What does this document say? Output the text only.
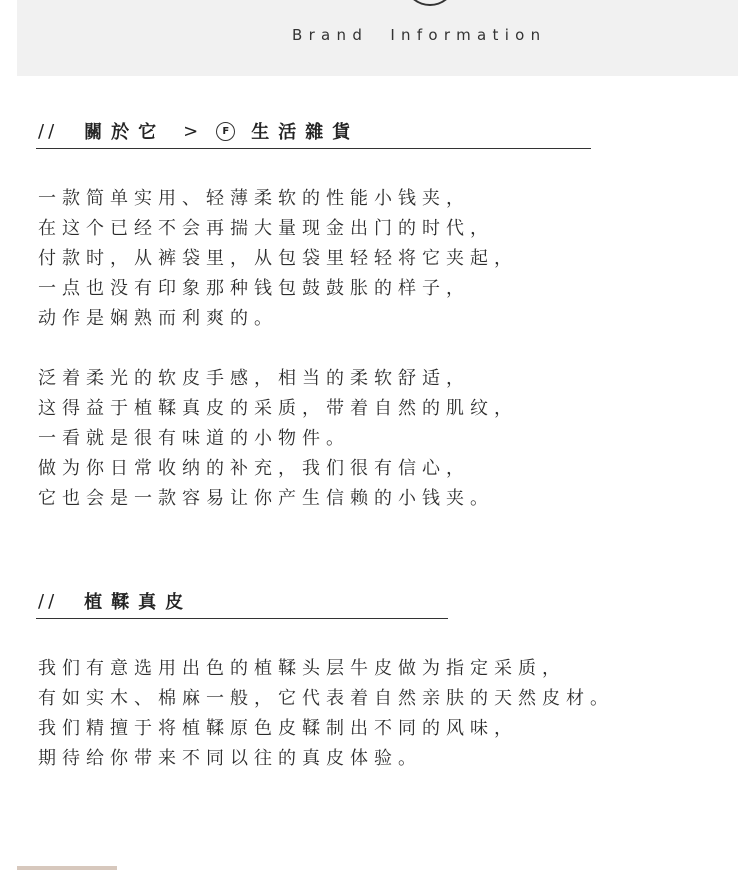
Brand  Information
// 關於它 >	F	生活雜貨
一款简单实用、轻薄柔软的性能小钱夹，
在这个已经不会再揣大量现金出门的时代，
付款时，从裤袋里，从包袋里轻轻将它夹起，
一点也没有印象那种钱包鼓鼓胀的样子，
动作是娴熟而利爽的。
泛着柔光的软皮手感，相当的柔软舒适，
这得益于植鞣真皮的采质，带着自然的肌纹，
一看就是很有味道的小物件。
做为你日常收纳的补充，我们很有信心，
它也会是一款容易让你产生信赖的小钱夹。
// 植鞣真皮
我们有意选用出色的植鞣头层牛皮做为指定采质，
有如实木、棉麻一般，它代表着自然亲肤的天然皮材。
我们精擅于将植鞣原色皮鞣制出不同的风味，
期待给你带来不同以往的真皮体验。
